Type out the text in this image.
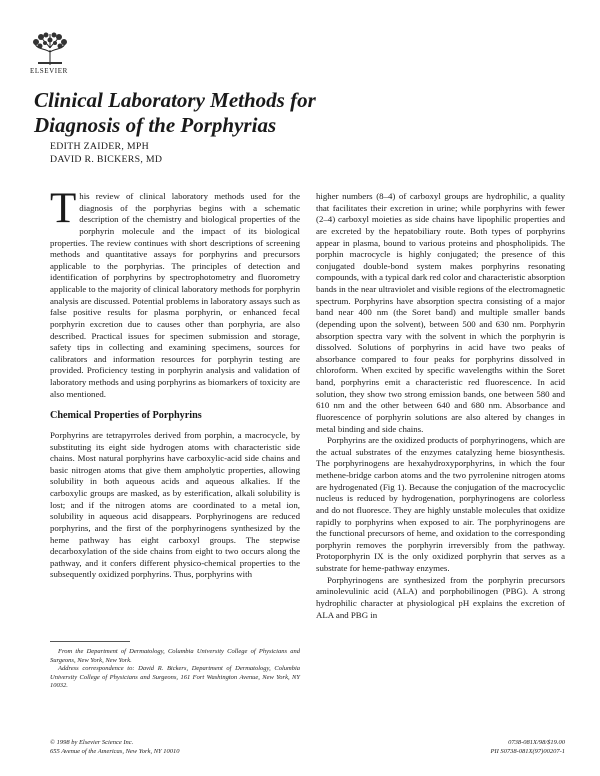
ELSEVIER
Clinical Laboratory Methods for
Diagnosis of the Porphyrias
EDITH ZAIDER, MPH
DAVID R. BICKERS, MD

This review of clinical laboratory methods used for the diagnosis of the porphyrias begins with a schematic description of the chemistry and biological properties of the porphyrin molecule and the impact of its biological properties. The review continues with short descriptions of screening methods and quantitative assays for porphyrins and precursors applicable to the porphyrias. The principles of detection and identification of porphyrins by spectrophotometry and fluorometry applicable to the majority of clinical laboratory methods for porphyrin analysis are discussed. Potential problems in laboratory assays such as false positive results for plasma porphyrin, or enhanced fecal porphyrin excretion due to causes other than porphyria, are also described. Practical issues for specimen submission and storage, safety tips in collecting and examining specimens, sources for calibrators and information resources for porphyrin testing are provided. Proficiency testing in porphyrin analysis and validation of laboratory methods and using porphyrins as biomarkers of toxicity are also mentioned.

Chemical Properties of Porphyrins

Porphyrins are tetrapyrroles derived from porphin, a macrocycle, by substituting its eight side hydrogen atoms with characteristic side chains. Most natural porphyrins have carboxylic-acid side chains and basic nitrogen atoms that give them ampholytic properties, allowing solubility in both aqueous acids and aqueous alkalies. If the carboxylic groups are masked, as by esterification, alkali solubility is lost; and if the nitrogen atoms are coordinated to a metal ion, solubility in aqueous acid disappears. Porphyrinogens are reduced porphyrins, and the first of the porphyrinogens synthesized by the heme pathway has eight carboxyl groups. The stepwise decarboxylation of the side chains from eight to two occurs along the pathway, and it confers different physico-chemical properties to the subsequently oxidized porphyrins. Thus, porphyrins with

higher numbers (8–4) of carboxyl groups are hydrophilic, a quality that facilitates their excretion in urine; while porphyrins with fewer (2–4) carboxyl moieties as side chains have lipophilic properties and are excreted by the hepatobiliary route. Both types of porphyrins appear in plasma, bound to various proteins and phospholipids. The porphin macrocycle is highly conjugated; the presence of this conjugated double-bond system makes porphyrins resonating compounds, with a typical dark red color and characteristic absorption bands in the near ultraviolet and visible regions of the electromagnetic spectrum. Porphyrins have absorption spectra consisting of a major band near 400 nm (the Soret band) and multiple smaller bands (depending upon the solvent), between 500 and 630 nm. Porphyrin absorption spectra vary with the solvent in which the porphyrin is dissolved. Solutions of porphyrins in acid have two peaks of absorbance compared to four peaks for porphyrins dissolved in chloroform. When excited by specific wavelengths within the Soret band, porphyrins emit a characteristic red fluorescence. In acid solution, they show two strong emission bands, one between 580 and 610 nm and the other between 640 and 680 nm. Absorbance and fluorescence of porphyrin solutions are also altered by changes in metal binding and side chains.

Porphyrins are the oxidized products of porphyrinogens, which are the actual substrates of the enzymes catalyzing heme biosynthesis. The porphyrinogens are hexahydroxyporphyrins, in which the four methene-bridge carbon atoms and the two pyrrolenine nitrogen atoms are hydrogenated (Fig 1). Because the conjugation of the macrocyclic nucleus is reduced by hydrogenation, porphyrinogens are colorless and do not fluoresce. They are highly unstable molecules that oxidize rapidly to porphyrins when exposed to air. The porphyrinogens are the functional precursors of heme, and oxidation to the corresponding porphyrin removes the porphyrin irreversibly from the pathway. Protoporphyrin IX is the only oxidized porphyrin that serves as a substrate for heme-pathway enzymes.

Porphyrinogens are synthesized from the porphyrin precursors aminolevulinic acid (ALA) and porphobilinogen (PBG). A strong hydrophilic character at physiological pH explains the excretion of ALA and PBG in

From the Department of Dermatology, Columbia University College of Physicians and Surgeons, New York, New York.

Address correspondence to: David R. Bickers, Department of Dermatology, Columbia University College of Physicians and Surgeons, 161 Fort Washington Avenue, New York, NY 10032.

© 1998 by Elsevier Science Inc.
655 Avenue of the Americas, New York, NY 10010
0738-081X/98/$19.00
PII S0738-081X(97)00207-1
